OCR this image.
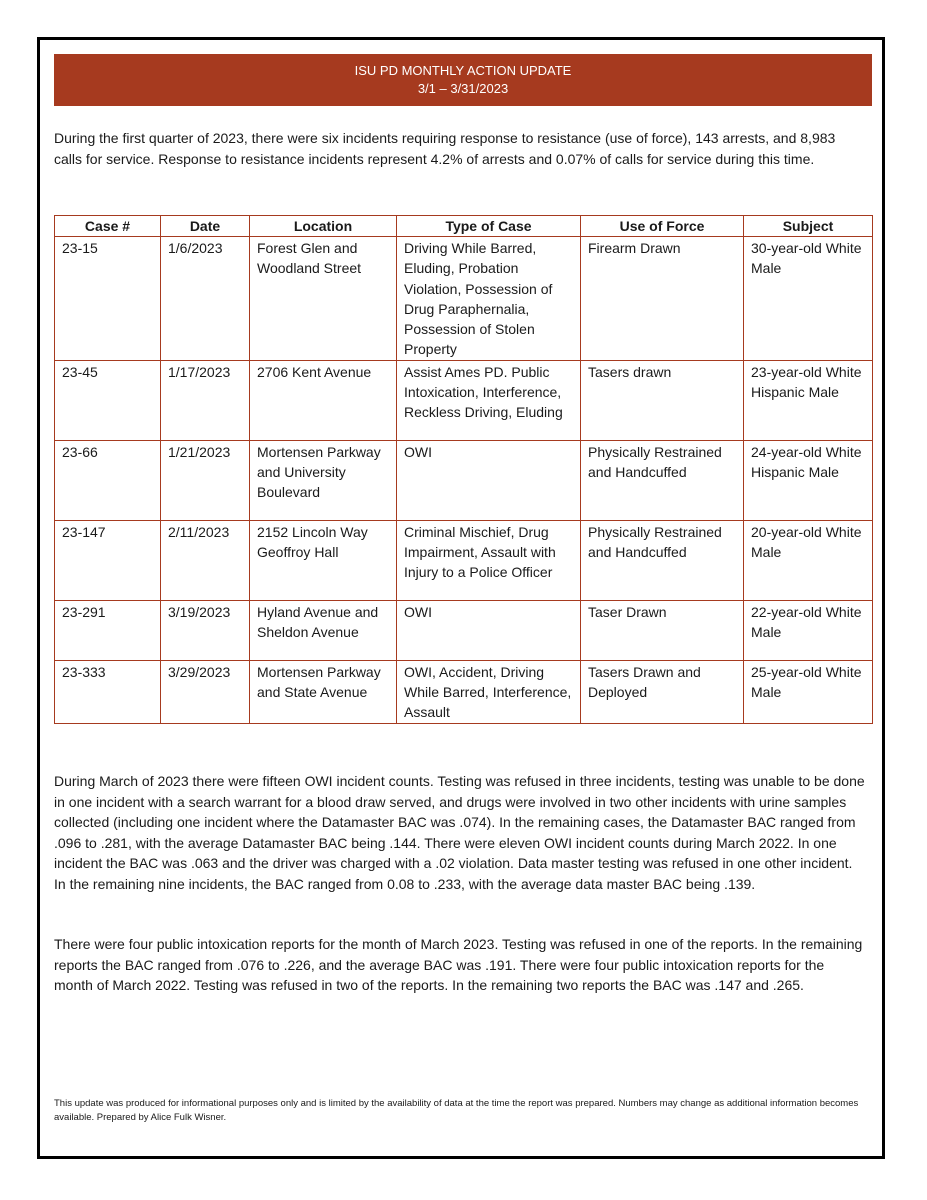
ISU PD MONTHLY ACTION UPDATE
3/1 – 3/31/2023

During the first quarter of 2023, there were six incidents requiring response to resistance (use of force), 143 arrests, and 8,983 calls for service. Response to resistance incidents represent 4.2% of arrests and 0.07% of calls for service during this time.

Case #	Date	Location	Type of Case	Use of Force	Subject
23-15	1/6/2023	Forest Glen and Woodland Street	Driving While Barred, Eluding, Probation Violation, Possession of Drug Paraphernalia, Possession of Stolen Property	Firearm Drawn	30-year-old White Male
23-45	1/17/2023	2706 Kent Avenue	Assist Ames PD. Public Intoxication, Interference, Reckless Driving, Eluding	Tasers drawn	23-year-old White Hispanic Male
23-66	1/21/2023	Mortensen Parkway and University Boulevard	OWI	Physically Restrained and Handcuffed	24-year-old White Hispanic Male
23-147	2/11/2023	2152 Lincoln Way Geoffroy Hall	Criminal Mischief, Drug Impairment, Assault with Injury to a Police Officer	Physically Restrained and Handcuffed	20-year-old White Male
23-291	3/19/2023	Hyland Avenue and Sheldon Avenue	OWI	Taser Drawn	22-year-old White Male
23-333	3/29/2023	Mortensen Parkway and State Avenue	OWI, Accident, Driving While Barred, Interference, Assault	Tasers Drawn and Deployed	25-year-old White Male

During March of 2023 there were fifteen OWI incident counts. Testing was refused in three incidents, testing was unable to be done in one incident with a search warrant for a blood draw served, and drugs were involved in two other incidents with urine samples collected (including one incident where the Datamaster BAC was .074). In the remaining cases, the Datamaster BAC ranged from .096 to .281, with the average Datamaster BAC being .144. There were eleven OWI incident counts during March 2022. In one incident the BAC was .063 and the driver was charged with a .02 violation. Data master testing was refused in one other incident. In the remaining nine incidents, the BAC ranged from 0.08 to .233, with the average data master BAC being .139.

There were four public intoxication reports for the month of March 2023. Testing was refused in one of the reports. In the remaining reports the BAC ranged from .076 to .226, and the average BAC was .191. There were four public intoxication reports for the month of March 2022. Testing was refused in two of the reports. In the remaining two reports the BAC was .147 and .265.

This update was produced for informational purposes only and is limited by the availability of data at the time the report was prepared. Numbers may change as additional information becomes available. Prepared by Alice Fulk Wisner.
